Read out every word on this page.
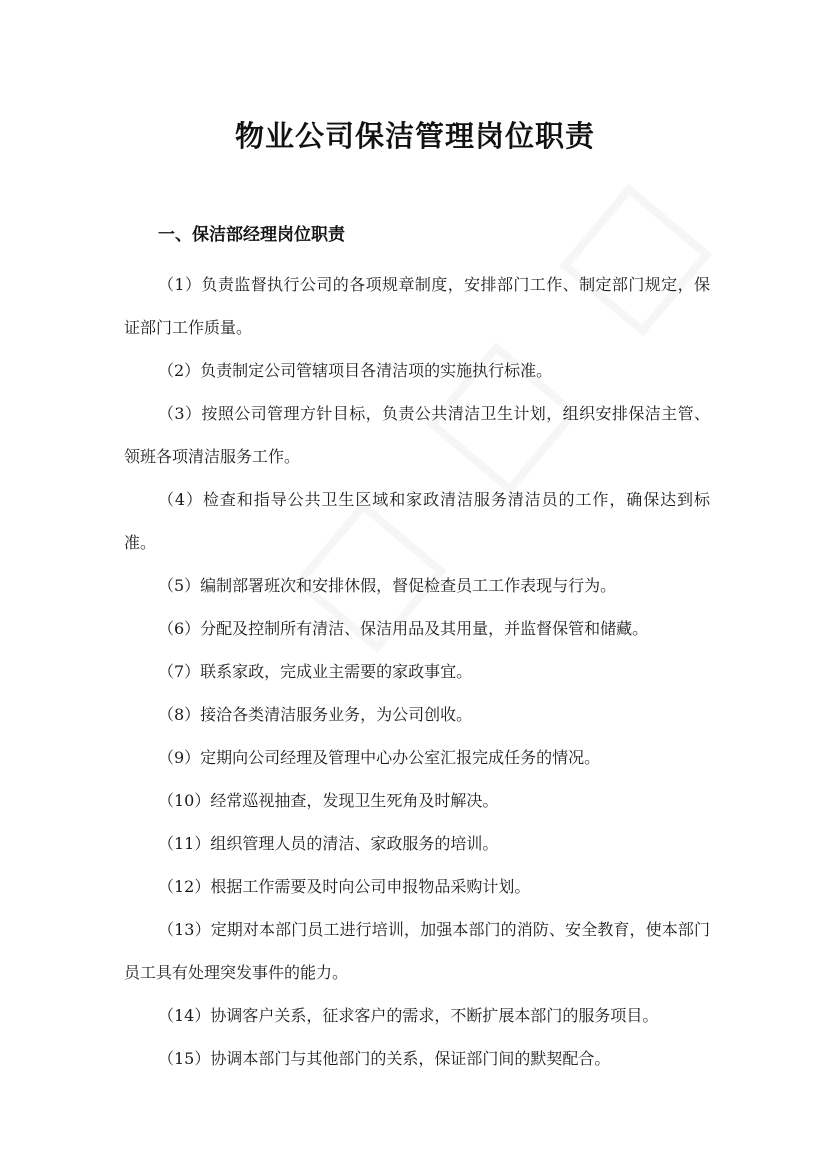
物业公司保洁管理岗位职责
一、保洁部经理岗位职责

（1）负责监督执行公司的各项规章制度，安排部门工作、制定部门规定，保证部门工作质量。

（2）负责制定公司管辖项目各清洁项的实施执行标准。

（3）按照公司管理方针目标，负责公共清洁卫生计划，组织安排保洁主管、领班各项清洁服务工作。

（4）检查和指导公共卫生区域和家政清洁服务清洁员的工作，确保达到标准。

（5）编制部署班次和安排休假，督促检查员工工作表现与行为。

（6）分配及控制所有清洁、保洁用品及其用量，并监督保管和储藏。

（7）联系家政，完成业主需要的家政事宜。

（8）接洽各类清洁服务业务，为公司创收。

（9）定期向公司经理及管理中心办公室汇报完成任务的情况。

（10）经常巡视抽查，发现卫生死角及时解决。

（11）组织管理人员的清洁、家政服务的培训。

（12）根据工作需要及时向公司申报物品采购计划。

（13）定期对本部门员工进行培训，加强本部门的消防、安全教育，使本部门员工具有处理突发事件的能力。

（14）协调客户关系，征求客户的需求，不断扩展本部门的服务项目。

（15）协调本部门与其他部门的关系，保证部门间的默契配合。
